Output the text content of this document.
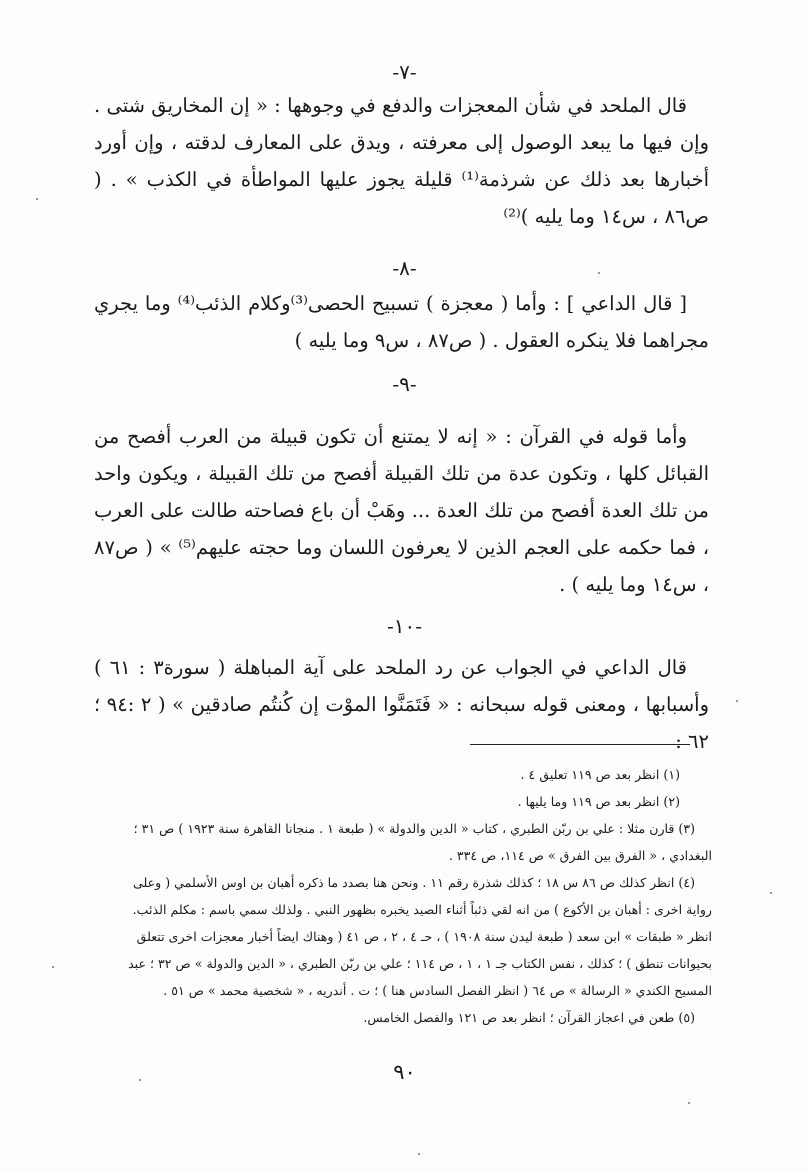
-٧-
قال الملحد في شأن المعجزات والدفع في وجوهها : « إن المخاريق شتى . وإن فيها ما يبعد الوصول إلى معرفته ، ويدق على المعارف لدقته ، وإن أورد أخبارها بعد ذلك عن شرذمة⁽¹⁾ قليلة يجوز عليها المواطأة في الكذب » . ( ص٨٦ ، س١٤ وما يليه )⁽²⁾
-٨-
[ قال الداعي ] : وأما ( معجزة ) تسبيح الحصى⁽³⁾وكلام الذئب⁽⁴⁾ وما يجري مجراهما فلا ينكره العقول . ( ص٨٧ ، س٩ وما يليه )
-٩-
وأما قوله في القرآن : « إنه لا يمتنع أن تكون قبيلة من العرب أفصح من القبائل كلها ، وتكون عدة من تلك القبيلة أفصح من تلك القبيلة ، ويكون واحد من تلك العدة أفصح من تلك العدة ... وهَبْ أن باع فصاحته طالت على العرب ، فما حكمه على العجم الذين لا يعرفون اللسان وما حجته عليهم⁽⁵⁾ » ( ص٨٧ ، س١٤ وما يليه ) .
-١٠-
قال الداعي في الجواب عن رد الملحد على آية المباهلة ( سورة٣ : ٦١ ) وأسبابها ، ومعنى قوله سبحانه : « فَتَمَنَّوا الموْت إن كُنتُم صادقين » ( ٢ :٩٤ ؛ ٦٢ :
(١) انظر بعد ص ١١٩ تعليق ٤ .
(٢) انظر بعد ص ١١٩ وما يليها .
(٣) قارن مثلا : علي بن ربّن الطبري ، كتاب « الدين والدولة » ( طبعة ١ . منجانا القاهرة سنة ١٩٢٣ ) ص ٣١ ؛
البغدادي ، « الفرق بين الفرق » ص ١١٤، ص ٣٣٤ .
(٤) انظر كذلك ص ٨٦ س ١٨ ؛ كذلك شذرة رقم ١١ . ونحن هنا بصدد ما ذكره أهبان بن اوس الأسلمي ( وعلى
رواية اخرى : أهبان بن الأكوع ) من انه لقي ذئباً أثناء الصيد يخبره بظهور النبي . ولذلك سمي باسم : مكلم الذئب.
انظر « طبقات » ابن سعد ( طبعة ليدن سنة ١٩٠٨ ) ، حـ ٤ ، ٢ ، ص ٤١ ( وهناك ايضاً أخبار معجزات اخرى تتعلق
بحيوانات تنطق ) ؛ كذلك ، نفس الكتاب جـ ١ ، ١ ، ص ١١٤ ؛ علي بن ربّن الطبري ، « الدين والدولة » ص ٣٢ ؛ عبد
المسيح الكندي « الرسالة » ص ٦٤ ( انظر الفصل السادس هنا ) ؛ ت . أندريه ، « شخصية محمد » ص ٥١ .
(٥) طعن في اعجاز القرآن ؛ انظر بعد ص ١٢١ والفصل الخامس.
٩٠
